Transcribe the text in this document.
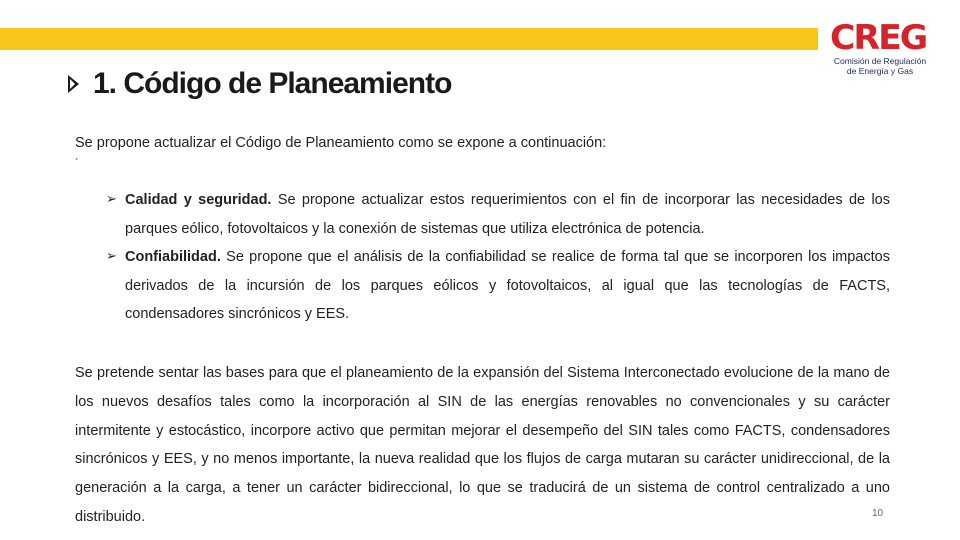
CREG
Comisión de Regulación
de Energía y Gas
1. Código de Planeamiento
Se propone actualizar el Código de Planeamiento como se expone a continuación:
´
➢ Calidad y seguridad. Se propone actualizar estos requerimientos con el fin de incorporar las necesidades de los parques eólico, fotovoltaicos y la conexión de sistemas que utiliza electrónica de potencia.
➢ Confiabilidad. Se propone que el análisis de la confiabilidad se realice de forma tal que se incorporen los impactos derivados de la incursión de los parques eólicos y fotovoltaicos, al igual que las tecnologías de FACTS, condensadores sincrónicos y EES.

Se pretende sentar las bases para que el planeamiento de la expansión del Sistema Interconectado evolucione de la mano de los nuevos desafíos tales como la incorporación al SIN de las energías renovables no convencionales y su carácter intermitente y estocástico, incorpore activo que permitan mejorar el desempeño del SIN tales como FACTS, condensadores sincrónicos y EES, y no menos importante, la nueva realidad que los flujos de carga mutaran su carácter unidireccional, de la generación a la carga, a tener un carácter bidireccional, lo que se traducirá de un sistema de control centralizado a uno distribuido.	10
